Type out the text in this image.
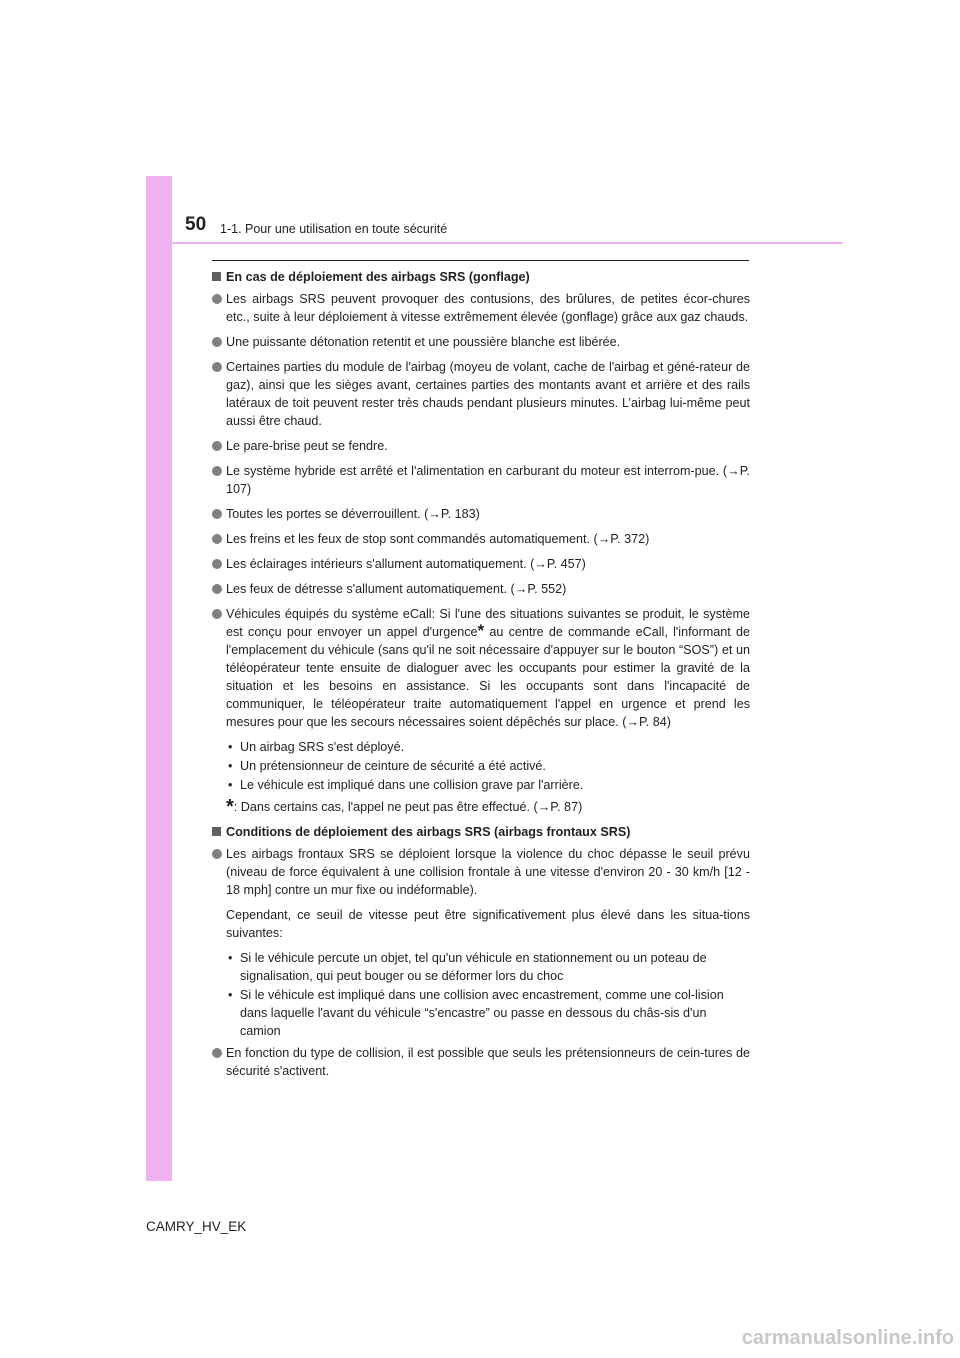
50 1-1. Pour une utilisation en toute sécurité
En cas de déploiement des airbags SRS (gonflage)
Les airbags SRS peuvent provoquer des contusions, des brûlures, de petites écor-chures etc., suite à leur déploiement à vitesse extrêmement élevée (gonflage) grâce aux gaz chauds.
Une puissante détonation retentit et une poussière blanche est libérée.
Certaines parties du module de l'airbag (moyeu de volant, cache de l'airbag et géné-rateur de gaz), ainsi que les sièges avant, certaines parties des montants avant et arrière et des rails latéraux de toit peuvent rester très chauds pendant plusieurs minutes. L’airbag lui-même peut aussi être chaud.
Le pare-brise peut se fendre.
Le système hybride est arrêté et l'alimentation en carburant du moteur est interrom-pue. (→P. 107)
Toutes les portes se déverrouillent. (→P. 183)
Les freins et les feux de stop sont commandés automatiquement. (→P. 372)
Les éclairages intérieurs s'allument automatiquement. (→P. 457)
Les feux de détresse s'allument automatiquement. (→P. 552)
Véhicules équipés du système eCall: Si l'une des situations suivantes se produit, le système est conçu pour envoyer un appel d'urgence* au centre de commande eCall, l'informant de l'emplacement du véhicule (sans qu'il ne soit nécessaire d'appuyer sur le bouton “SOS”) et un téléopérateur tente ensuite de dialoguer avec les occupants pour estimer la gravité de la situation et les besoins en assistance. Si les occupants sont dans l'incapacité de communiquer, le téléopérateur traite automatiquement l'appel en urgence et prend les mesures pour que les secours nécessaires soient dépêchés sur place. (→P. 84)
• Un airbag SRS s'est déployé.
• Un prétensionneur de ceinture de sécurité a été activé.
• Le véhicule est impliqué dans une collision grave par l'arrière.
*: Dans certains cas, l'appel ne peut pas être effectué. (→P. 87)
Conditions de déploiement des airbags SRS (airbags frontaux SRS)
Les airbags frontaux SRS se déploient lorsque la violence du choc dépasse le seuil prévu (niveau de force équivalent à une collision frontale à une vitesse d'environ 20 - 30 km/h [12 - 18 mph] contre un mur fixe ou indéformable).
Cependant, ce seuil de vitesse peut être significativement plus élevé dans les situa-tions suivantes:
• Si le véhicule percute un objet, tel qu'un véhicule en stationnement ou un poteau de signalisation, qui peut bouger ou se déformer lors du choc
• Si le véhicule est impliqué dans une collision avec encastrement, comme une col-lision dans laquelle l'avant du véhicule “s'encastre” ou passe en dessous du châs-sis d'un camion
En fonction du type de collision, il est possible que seuls les prétensionneurs de cein-tures de sécurité s'activent.
CAMRY_HV_EK
carmanualsonline.info
